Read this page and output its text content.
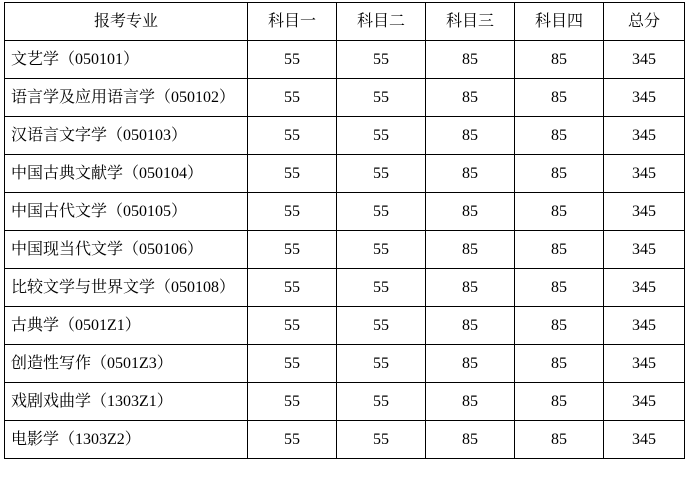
报考专业	科目一	科目二	科目三	科目四	总分
文艺学（050101）	55	55	85	85	345
语言学及应用语言学（050102）	55	55	85	85	345
汉语言文字学（050103）	55	55	85	85	345
中国古典文献学（050104）	55	55	85	85	345
中国古代文学（050105）	55	55	85	85	345
中国现当代文学（050106）	55	55	85	85	345
比较文学与世界文学（050108）	55	55	85	85	345
古典学（0501Z1）	55	55	85	85	345
创造性写作（0501Z3）	55	55	85	85	345
戏剧戏曲学（1303Z1）	55	55	85	85	345
电影学（1303Z2）	55	55	85	85	345
